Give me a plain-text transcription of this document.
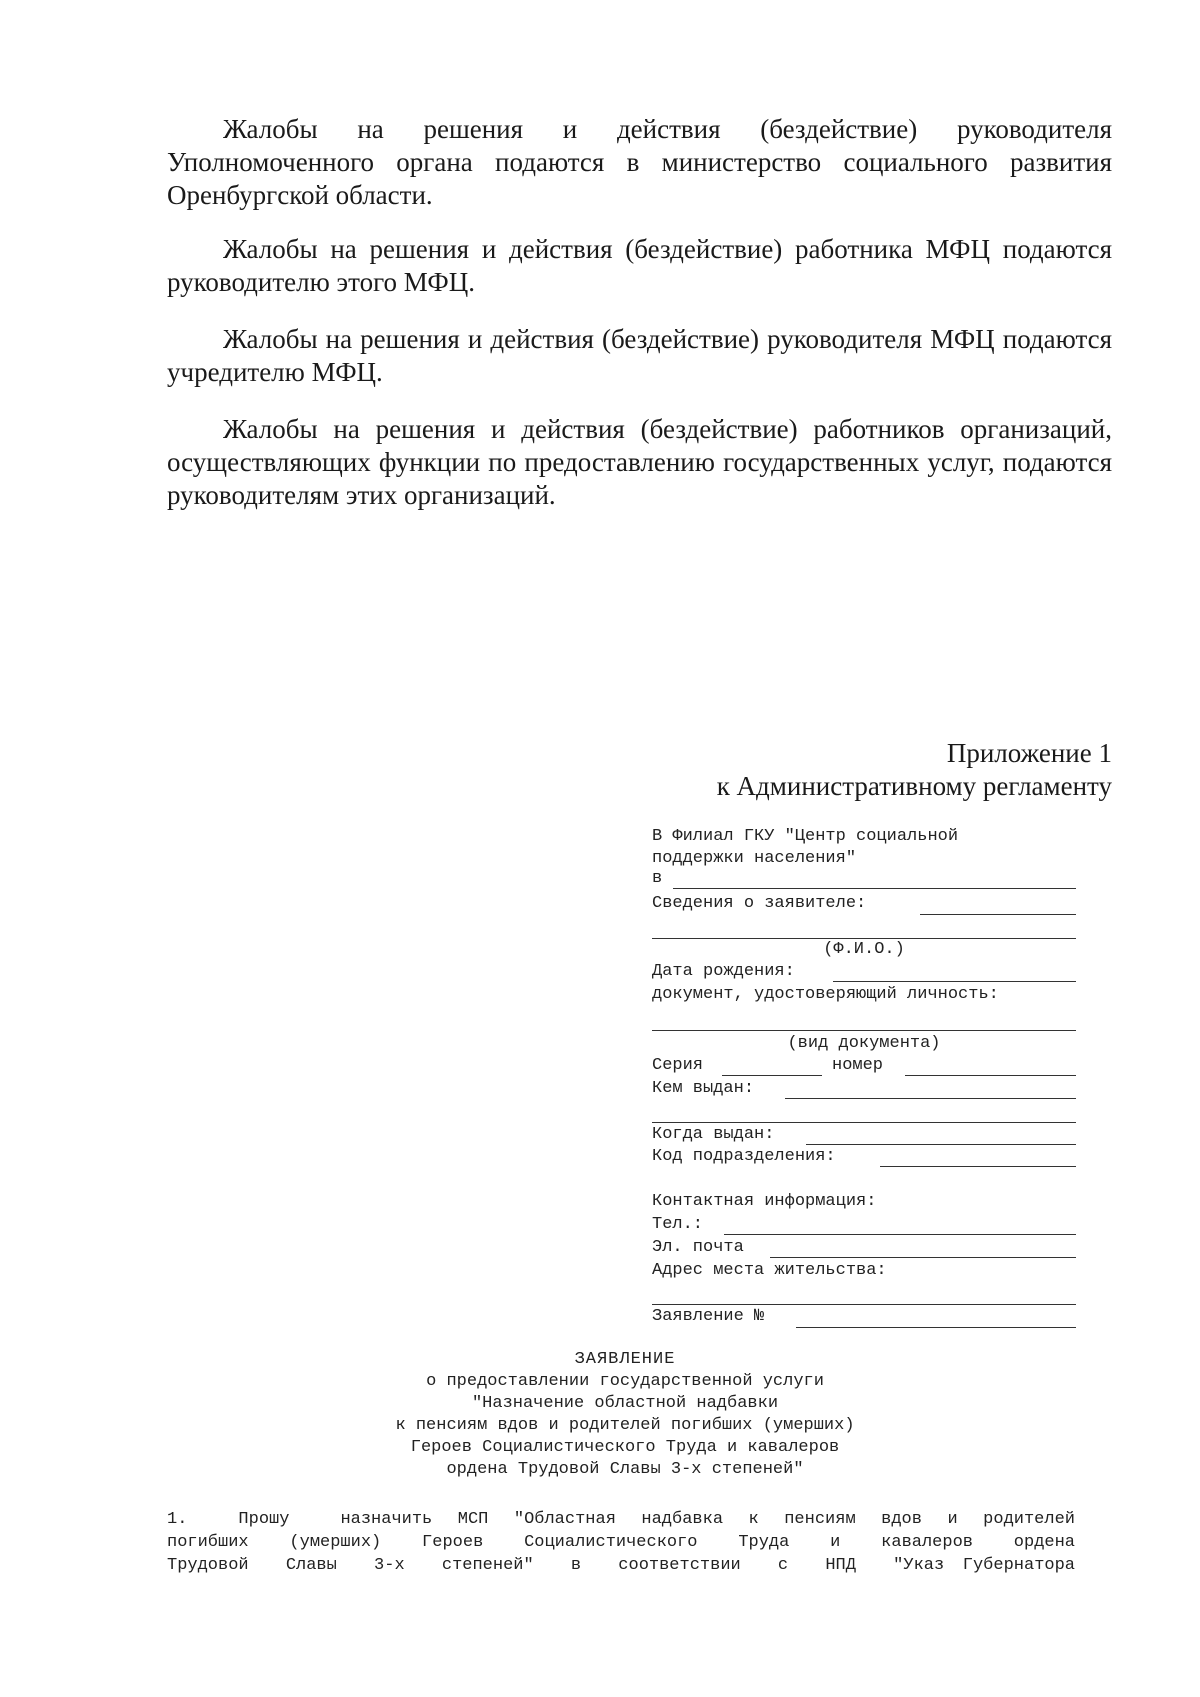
Жалобы на решения и действия (бездействие) руководителя Уполномоченного органа подаются в министерство социального развития Оренбургской области.

Жалобы на решения и действия (бездействие) работника МФЦ подаются руководителю этого МФЦ.

Жалобы на решения и действия (бездействие) руководителя МФЦ подаются учредителю МФЦ.

Жалобы на решения и действия (бездействие) работников организаций, осуществляющих функции по предоставлению государственных услуг, подаются руководителям этих организаций.

Приложение 1

к Административному регламенту

В Филиал ГКУ "Центр социальной
поддержки населения"
в
Сведения о заявителе:
(Ф.И.О.)
Дата рождения:
документ, удостоверяющий личность:
(вид документа)
Серия	номер
Кем выдан:
Когда выдан:
Код подразделения:
Контактная информация:
Тел.:
Эл. почта
Адрес места жительства:
Заявление №
ЗАЯВЛЕНИЕ
о предоставлении государственной услуги
"Назначение областной надбавки
к пенсиям вдов и родителей погибших (умерших)
Героев Социалистического Труда и кавалеров
ордена Трудовой Славы 3-х степеней"
1.  Прошу  назначить МСП "Областная надбавка к пенсиям вдов и родителей
погибших  (умерших)  Героев  Социалистического  Труда  и  кавалеров  ордена
Трудовой  Славы  3-х  степеней"  в  соответствии  с  НПД  "Указ Губернатора
